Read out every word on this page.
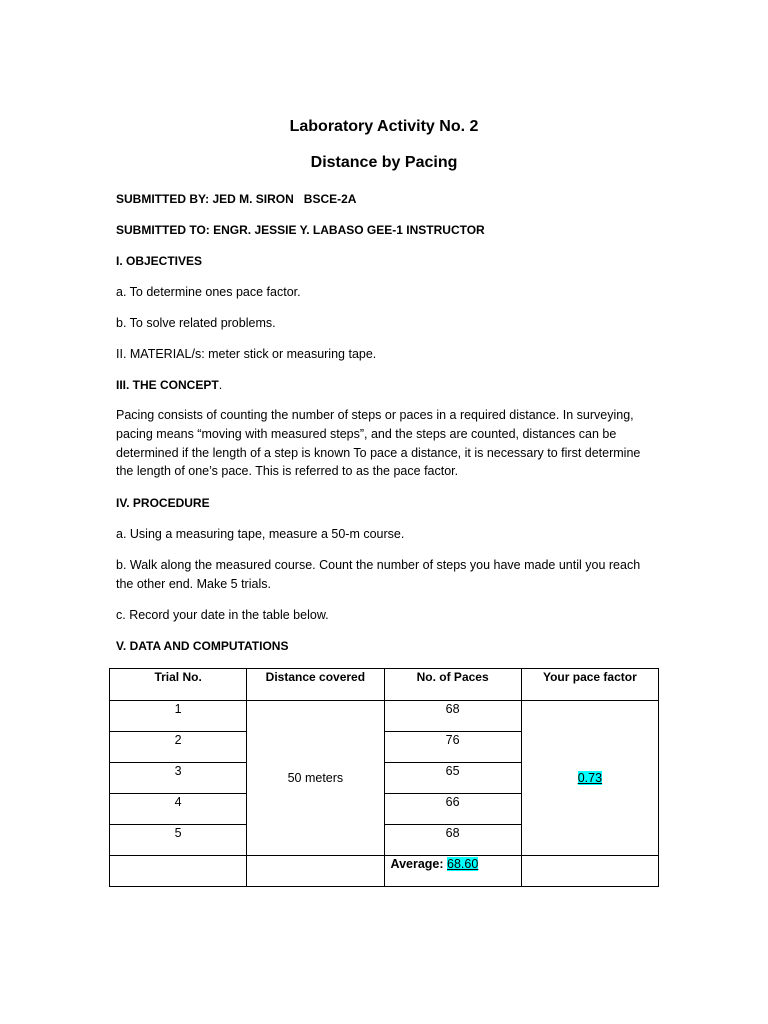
Laboratory Activity No. 2
Distance by Pacing
SUBMITTED BY: JED M. SIRON BSCE-2A
SUBMITTED TO: ENGR. JESSIE Y. LABASO GEE-1 INSTRUCTOR
I. OBJECTIVES
a. To determine ones pace factor.
b. To solve related problems.
II. MATERIAL/s: meter stick or measuring tape.
III. THE CONCEPT.
Pacing consists of counting the number of steps or paces in a required distance. In surveying, pacing means “moving with measured steps”, and the steps are counted, distances can be determined if the length of a step is known To pace a distance, it is necessary to first determine the length of one’s pace. This is referred to as the pace factor.
IV. PROCEDURE
a. Using a measuring tape, measure a 50-m course.
b. Walk along the measured course. Count the number of steps you have made until you reach the other end. Make 5 trials.
c. Record your date in the table below.
V. DATA AND COMPUTATIONS
Trial No.	Distance covered	No. of Paces	Your pace factor

1	50 meters	68	0.73

2		76	

3		65	

4		66	

5		68	

		Average: 68.60	
